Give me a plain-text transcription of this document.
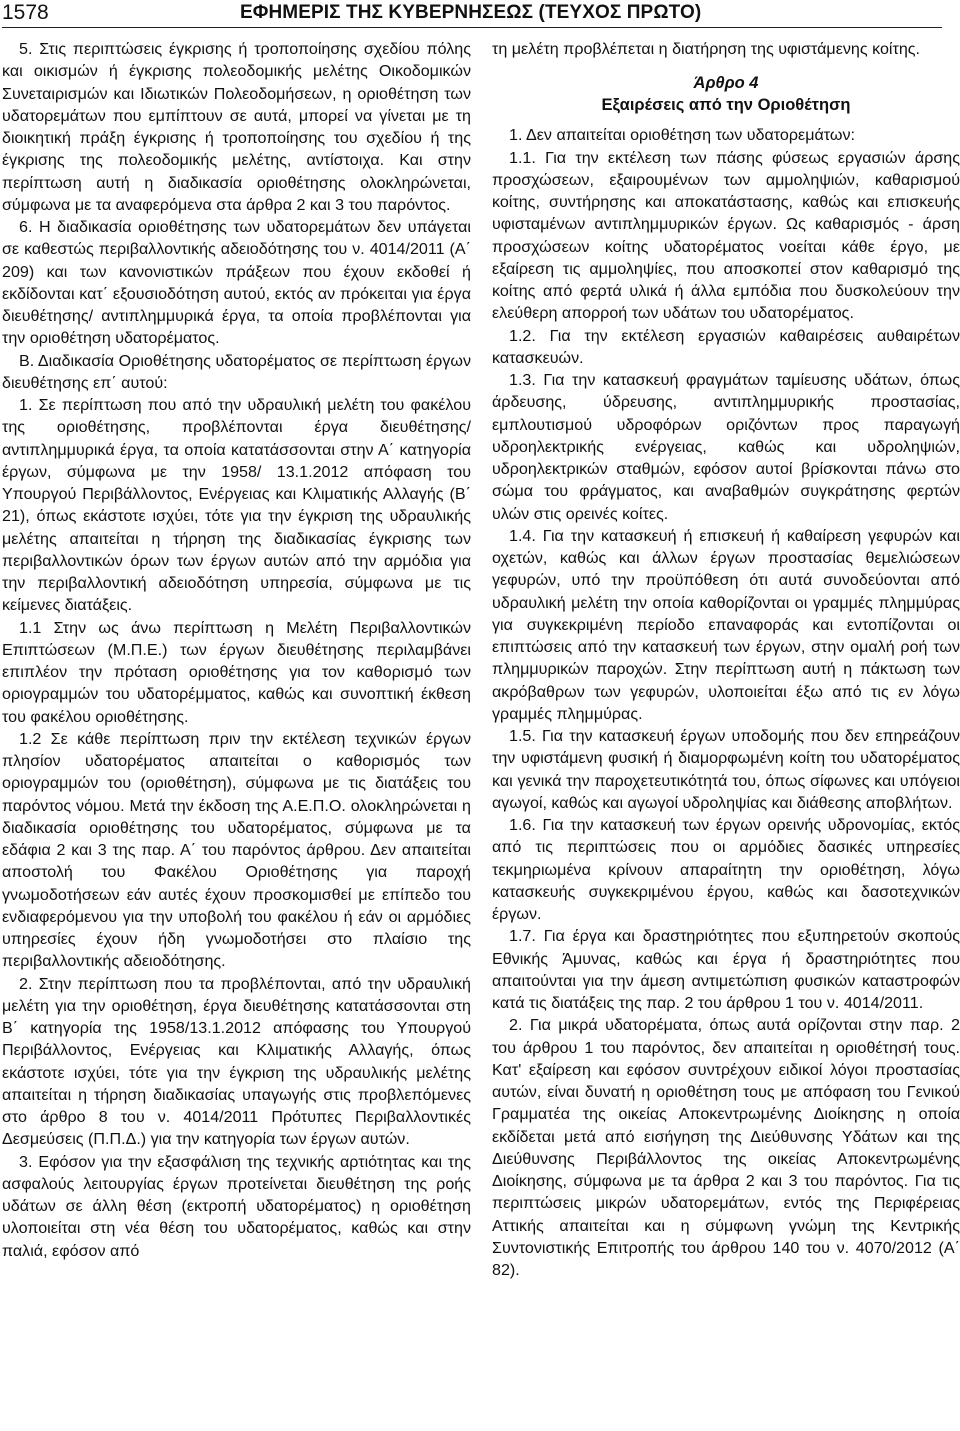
1578	ΕΦΗΜΕΡΙΣ ΤΗΣ ΚΥΒΕΡΝΗΣΕΩΣ (ΤΕΥΧΟΣ ΠΡΩΤΟ)

5. Στις περιπτώσεις έγκρισης ή τροποποίησης σχεδίου πόλης και οικισμών ή έγκρισης πολεοδομικής μελέτης Οικοδομικών Συνεταιρισμών και Ιδιωτικών Πολεοδομήσεων, η οριοθέτηση των υδατορεμάτων που εμπίπτουν σε αυτά, μπορεί να γίνεται με τη διοικητική πράξη έγκρισης ή τροποποίησης του σχεδίου ή της έγκρισης της πολεοδομικής μελέτης, αντίστοιχα. Και στην περίπτωση αυτή η διαδικασία οριοθέτησης ολοκληρώνεται, σύμφωνα με τα αναφερόμενα στα άρθρα 2 και 3 του παρόντος.

6. Η διαδικασία οριοθέτησης των υδατορεμάτων δεν υπάγεται σε καθεστώς περιβαλλοντικής αδειοδότησης του ν. 4014/2011 (Α΄ 209) και των κανονιστικών πράξεων που έχουν εκδοθεί ή εκδίδονται κατ΄ εξουσιοδότηση αυτού, εκτός αν πρόκειται για έργα διευθέτησης/ αντιπλημμυρικά έργα, τα οποία προβλέπονται για την οριοθέτηση υδατορέματος.

Β. Διαδικασία Οριοθέτησης υδατορέματος σε περίπτωση έργων διευθέτησης επ΄ αυτού:

1. Σε περίπτωση που από την υδραυλική μελέτη του φακέλου της οριοθέτησης, προβλέπονται έργα διευθέτησης/ αντιπλημμυρικά έργα, τα οποία κατατάσσονται στην Α΄ κατηγορία έργων, σύμφωνα με την 1958/ 13.1.2012 απόφαση του Υπουργού Περιβάλλοντος, Ενέργειας και Κλιματικής Αλλαγής (Β΄ 21), όπως εκάστοτε ισχύει, τότε για την έγκριση της υδραυλικής μελέτης απαιτείται η τήρηση της διαδικασίας έγκρισης των περιβαλλοντικών όρων των έργων αυτών από την αρμόδια για την περιβαλλοντική αδειοδότηση υπηρεσία, σύμφωνα με τις κείμενες διατάξεις.

1.1 Στην ως άνω περίπτωση η Μελέτη Περιβαλλοντικών Επιπτώσεων (Μ.Π.Ε.) των έργων διευθέτησης περιλαμβάνει επιπλέον την πρόταση οριοθέτησης για τον καθορισμό των οριογραμμών του υδατορέμματος, καθώς και συνοπτική έκθεση του φακέλου οριοθέτησης.

1.2 Σε κάθε περίπτωση πριν την εκτέλεση τεχνικών έργων πλησίον υδατορέματος απαιτείται ο καθορισμός των οριογραμμών του (οριοθέτηση), σύμφωνα με τις διατάξεις του παρόντος νόμου. Μετά την έκδοση της Α.Ε.Π.Ο. ολοκληρώνεται η διαδικασία οριοθέτησης του υδατορέματος, σύμφωνα με τα εδάφια 2 και 3 της παρ. Α΄ του παρόντος άρθρου. Δεν απαιτείται αποστολή του Φακέλου Οριοθέτησης για παροχή γνωμοδοτήσεων εάν αυτές έχουν προσκομισθεί με επίπεδο του ενδιαφερόμενου για την υποβολή του φακέλου ή εάν οι αρμόδιες υπηρεσίες έχουν ήδη γνωμοδοτήσει στο πλαίσιο της περιβαλλοντικής αδειοδότησης.

2. Στην περίπτωση που τα προβλέπονται, από την υδραυλική μελέτη για την οριοθέτηση, έργα διευθέτησης κατατάσσονται στη Β΄ κατηγορία της 1958/13.1.2012 απόφασης του Υπουργού Περιβάλλοντος, Ενέργειας και Κλιματικής Αλλαγής, όπως εκάστοτε ισχύει, τότε για την έγκριση της υδραυλικής μελέτης απαιτείται η τήρηση διαδικασίας υπαγωγής στις προβλεπόμενες στο άρθρο 8 του ν. 4014/2011 Πρότυπες Περιβαλλοντικές Δεσμεύσεις (Π.Π.Δ.) για την κατηγορία των έργων αυτών.

3. Εφόσον για την εξασφάλιση της τεχνικής αρτιότητας και της ασφαλούς λειτουργίας έργων προτείνεται διευθέτηση της ροής υδάτων σε άλλη θέση (εκτροπή υδατορέματος) η οριοθέτηση υλοποιείται στη νέα θέση του υδατορέματος, καθώς και στην παλιά, εφόσον από

τη μελέτη προβλέπεται η διατήρηση της υφιστάμενης κοίτης.

Άρθρο 4
Εξαιρέσεις από την Οριοθέτηση

1. Δεν απαιτείται οριοθέτηση των υδατορεμάτων:

1.1. Για την εκτέλεση των πάσης φύσεως εργασιών άρσης προσχώσεων, εξαιρουμένων των αμμοληψιών, καθαρισμού κοίτης, συντήρησης και αποκατάστασης, καθώς και επισκευής υφισταμένων αντιπλημμυρικών έργων. Ως καθαρισμός - άρση προσχώσεων κοίτης υδατορέματος νοείται κάθε έργο, με εξαίρεση τις αμμοληψίες, που αποσκοπεί στον καθαρισμό της κοίτης από φερτά υλικά ή άλλα εμπόδια που δυσκολεύουν την ελεύθερη απορροή των υδάτων του υδατορέματος.

1.2. Για την εκτέλεση εργασιών καθαιρέσεις αυθαιρέτων κατασκευών.

1.3. Για την κατασκευή φραγμάτων ταμίευσης υδάτων, όπως άρδευσης, ύδρευσης, αντιπλημμυρικής προστασίας, εμπλουτισμού υδροφόρων οριζόντων προς παραγωγή υδροηλεκτρικής ενέργειας, καθώς και υδροληψιών, υδροηλεκτρικών σταθμών, εφόσον αυτοί βρίσκονται πάνω στο σώμα του φράγματος, και αναβαθμών συγκράτησης φερτών υλών στις ορεινές κοίτες.

1.4. Για την κατασκευή ή επισκευή ή καθαίρεση γεφυρών και οχετών, καθώς και άλλων έργων προστασίας θεμελιώσεων γεφυρών, υπό την προϋπόθεση ότι αυτά συνοδεύονται από υδραυλική μελέτη την οποία καθορίζονται οι γραμμές πλημμύρας για συγκεκριμένη περίοδο επαναφοράς και εντοπίζονται οι επιπτώσεις από την κατασκευή των έργων, στην ομαλή ροή των πλημμυρικών παροχών. Στην περίπτωση αυτή η πάκτωση των ακρόβαθρων των γεφυρών, υλοποιείται έξω από τις εν λόγω γραμμές πλημμύρας.

1.5. Για την κατασκευή έργων υποδομής που δεν επηρεάζουν την υφιστάμενη φυσική ή διαμορφωμένη κοίτη του υδατορέματος και γενικά την παροχετευτικότητά του, όπως σίφωνες και υπόγειοι αγωγοί, καθώς και αγωγοί υδροληψίας και διάθεσης αποβλήτων.

1.6. Για την κατασκευή των έργων ορεινής υδρονομίας, εκτός από τις περιπτώσεις που οι αρμόδιες δασικές υπηρεσίες τεκμηριωμένα κρίνουν απαραίτητη την οριοθέτηση, λόγω κατασκευής συγκεκριμένου έργου, καθώς και δασοτεχνικών έργων.

1.7. Για έργα και δραστηριότητες που εξυπηρετούν σκοπούς Εθνικής Άμυνας, καθώς και έργα ή δραστηριότητες που απαιτούνται για την άμεση αντιμετώπιση φυσικών καταστροφών κατά τις διατάξεις της παρ. 2 του άρθρου 1 του ν. 4014/2011.

2. Για μικρά υδατορέματα, όπως αυτά ορίζονται στην παρ. 2 του άρθρου 1 του παρόντος, δεν απαιτείται η οριοθέτησή τους. Κατ' εξαίρεση και εφόσον συντρέχουν ειδικοί λόγοι προστασίας αυτών, είναι δυνατή η οριοθέτηση τους με απόφαση του Γενικού Γραμματέα της οικείας Αποκεντρωμένης Διοίκησης η οποία εκδίδεται μετά από εισήγηση της Διεύθυνσης Υδάτων και της Διεύθυνσης Περιβάλλοντος της οικείας Αποκεντρωμένης Διοίκησης, σύμφωνα με τα άρθρα 2 και 3 του παρόντος. Για τις περιπτώσεις μικρών υδατορεμάτων, εντός της Περιφέρειας Αττικής απαιτείται και η σύμφωνη γνώμη της Κεντρικής Συντονιστικής Επιτροπής του άρθρου 140 του ν. 4070/2012 (Α΄ 82).
